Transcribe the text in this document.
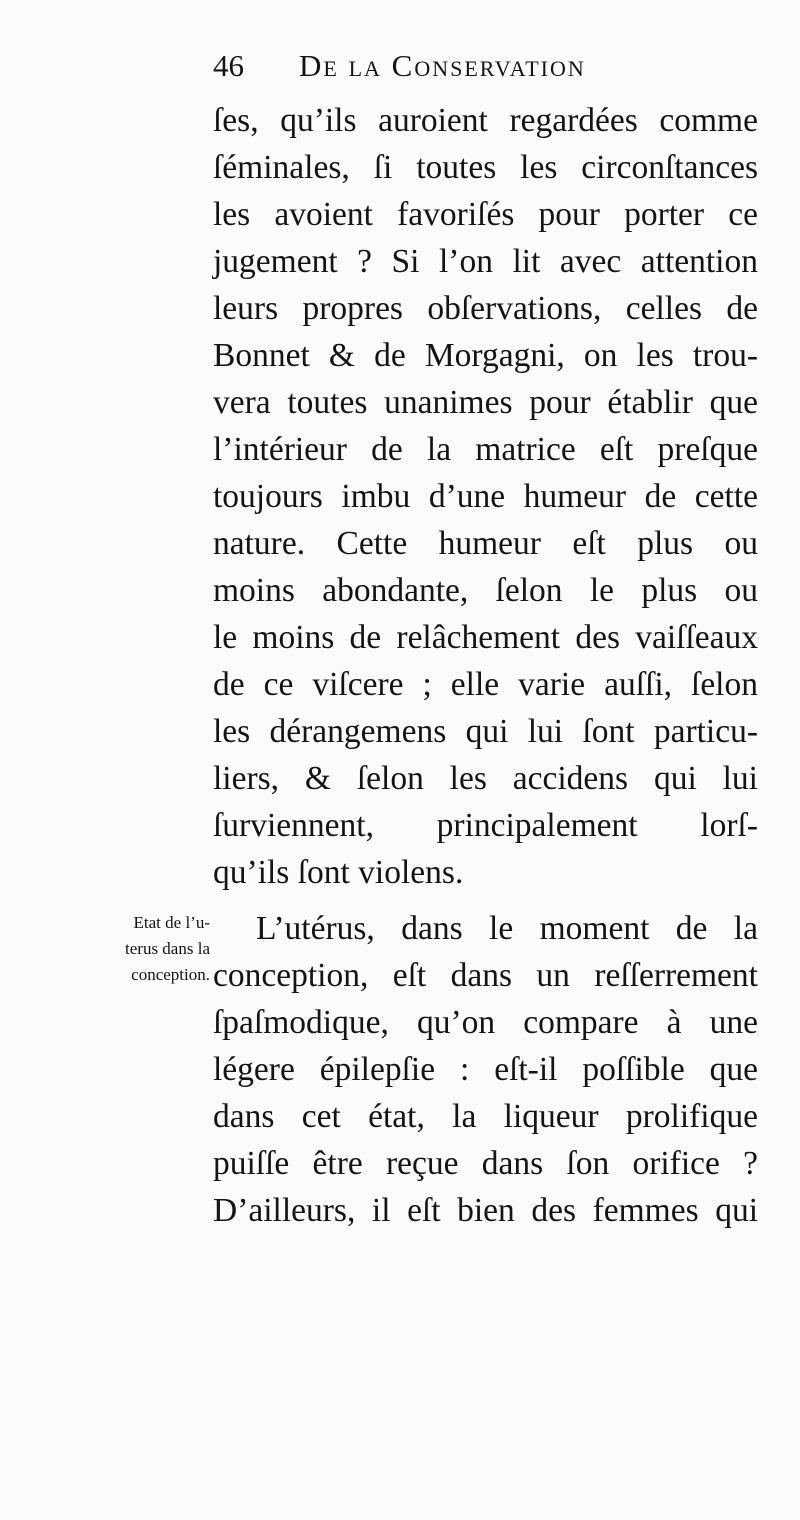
46 De la Conservation
ſes, qu’ils auroient regardées comme
ſéminales, ſi toutes les circonſtances
les avoient favoriſés pour porter ce
jugement ? Si l’on lit avec attention
leurs propres obſervations, celles de
Bonnet & de Morgagni, on les trou-
vera toutes unanimes pour établir que
l’intérieur de la matrice eſt preſque
toujours imbu d’une humeur de cette
nature. Cette humeur eſt plus ou
moins abondante, ſelon le plus ou
le moins de relâchement des vaiſſeaux
de ce viſcere ; elle varie auſſi, ſelon
les dérangemens qui lui ſont particu-
liers, & ſelon les accidens qui lui
ſurviennent, principalement lorſ-
qu’ils ſont violens.
L’utérus, dans le moment de la
conception, eſt dans un reſſerrement
ſpaſmodique, qu’on compare à une
légere épilepſie : eſt-il poſſible que
dans cet état, la liqueur prolifique
puiſſe être reçue dans ſon orifice ?
D’ailleurs, il eſt bien des femmes qui
Etat de l’u-
terus dans la
conception.
